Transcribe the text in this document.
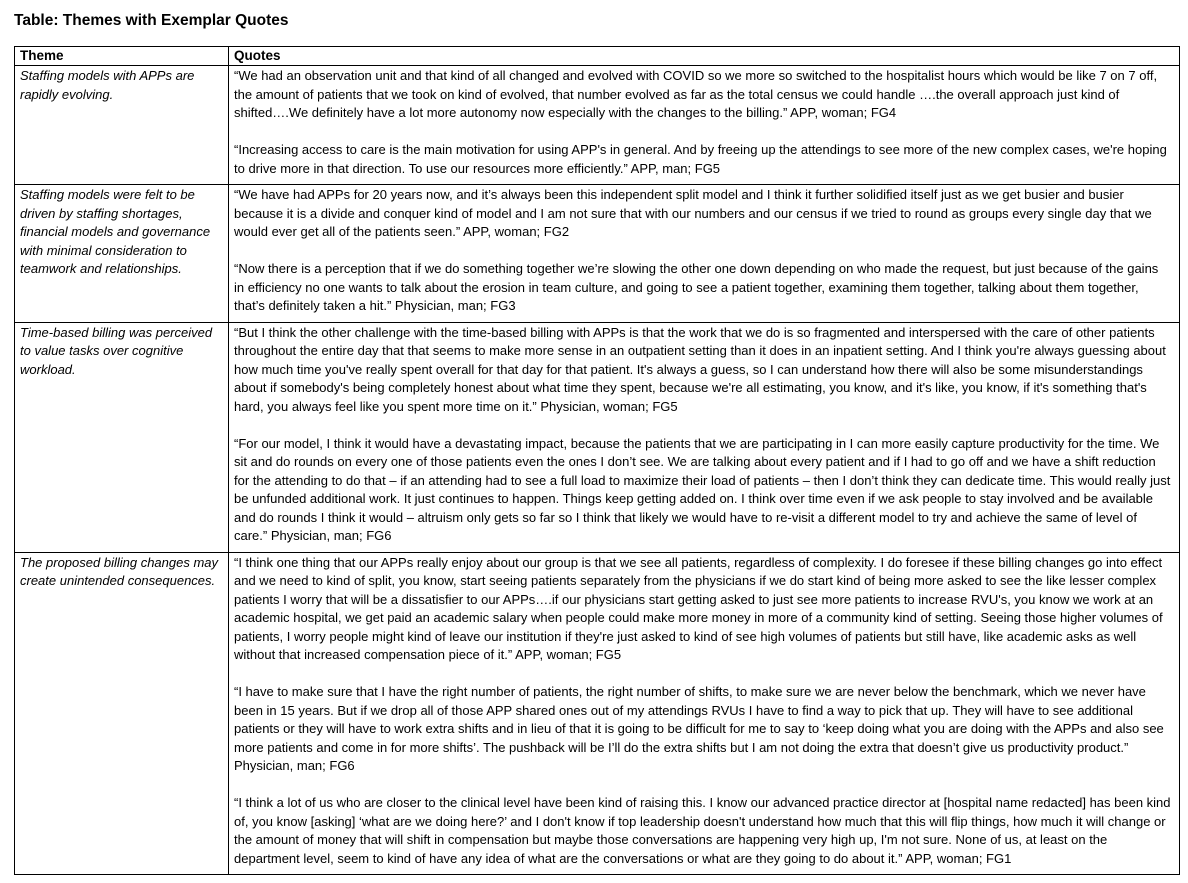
Table: Themes with Exemplar Quotes
Theme	Quotes
Staffing models with APPs are rapidly evolving.	“We had an observation unit and that kind of all changed and evolved with COVID so we more so switched to the hospitalist hours which would be like 7 on 7 off, the amount of patients that we took on kind of evolved, that number evolved as far as the total census we could handle ….the overall approach just kind of shifted….We definitely have a lot more autonomy now especially with the changes to the billing.” APP, woman; FG4

“Increasing access to care is the main motivation for using APP's in general. And by freeing up the attendings to see more of the new complex cases, we're hoping to drive more in that direction. To use our resources more efficiently.” APP, man; FG5

Staffing models were felt to be driven by staffing shortages, financial models and governance with minimal consideration to teamwork and relationships.	“We have had APPs for 20 years now, and it’s always been this independent split model and I think it further solidified itself just as we get busier and busier because it is a divide and conquer kind of model and I am not sure that with our numbers and our census if we tried to round as groups every single day that we would ever get all of the patients seen.” APP, woman; FG2

“Now there is a perception that if we do something together we’re slowing the other one down depending on who made the request, but just because of the gains in efficiency no one wants to talk about the erosion in team culture, and going to see a patient together, examining them together, talking about them together, that’s definitely taken a hit.” Physician, man; FG3

Time-based billing was perceived to value tasks over cognitive workload.	“But I think the other challenge with the time-based billing with APPs is that the work that we do is so fragmented and interspersed with the care of other patients throughout the entire day that that seems to make more sense in an outpatient setting than it does in an inpatient setting. And I think you're always guessing about how much time you've really spent overall for that day for that patient. It's always a guess, so I can understand how there will also be some misunderstandings about if somebody's being completely honest about what time they spent, because we're all estimating, you know, and it's like, you know, if it's something that's hard, you always feel like you spent more time on it.” Physician, woman; FG5

“For our model, I think it would have a devastating impact, because the patients that we are participating in I can more easily capture productivity for the time. We sit and do rounds on every one of those patients even the ones I don’t see. We are talking about every patient and if I had to go off and we have a shift reduction for the attending to do that – if an attending had to see a full load to maximize their load of patients – then I don’t think they can dedicate time. This would really just be unfunded additional work. It just continues to happen. Things keep getting added on. I think over time even if we ask people to stay involved and be available and do rounds I think it would – altruism only gets so far so I think that likely we would have to re-visit a different model to try and achieve the same of level of care.” Physician, man; FG6

The proposed billing changes may create unintended consequences.	“I think one thing that our APPs really enjoy about our group is that we see all patients, regardless of complexity. I do foresee if these billing changes go into effect and we need to kind of split, you know, start seeing patients separately from the physicians if we do start kind of being more asked to see the like lesser complex patients I worry that will be a dissatisfier to our APPs….if our physicians start getting asked to just see more patients to increase RVU's, you know we work at an academic hospital, we get paid an academic salary when people could make more money in more of a community kind of setting. Seeing those higher volumes of patients, I worry people might kind of leave our institution if they're just asked to kind of see high volumes of patients but still have, like academic asks as well without that increased compensation piece of it.” APP, woman; FG5

“I have to make sure that I have the right number of patients, the right number of shifts, to make sure we are never below the benchmark, which we never have been in 15 years. But if we drop all of those APP shared ones out of my attendings RVUs I have to find a way to pick that up. They will have to see additional patients or they will have to work extra shifts and in lieu of that it is going to be difficult for me to say to ‘keep doing what you are doing with the APPs and also see more patients and come in for more shifts’. The pushback will be I’ll do the extra shifts but I am not doing the extra that doesn’t give us productivity product.” Physician, man; FG6

“I think a lot of us who are closer to the clinical level have been kind of raising this. I know our advanced practice director at [hospital name redacted] has been kind of, you know [asking] ‘what are we doing here?’ and I don't know if top leadership doesn't understand how much that this will flip things, how much it will change or the amount of money that will shift in compensation but maybe those conversations are happening very high up, I'm not sure. None of us, at least on the department level, seem to kind of have any idea of what are the conversations or what are they going to do about it.” APP, woman; FG1
